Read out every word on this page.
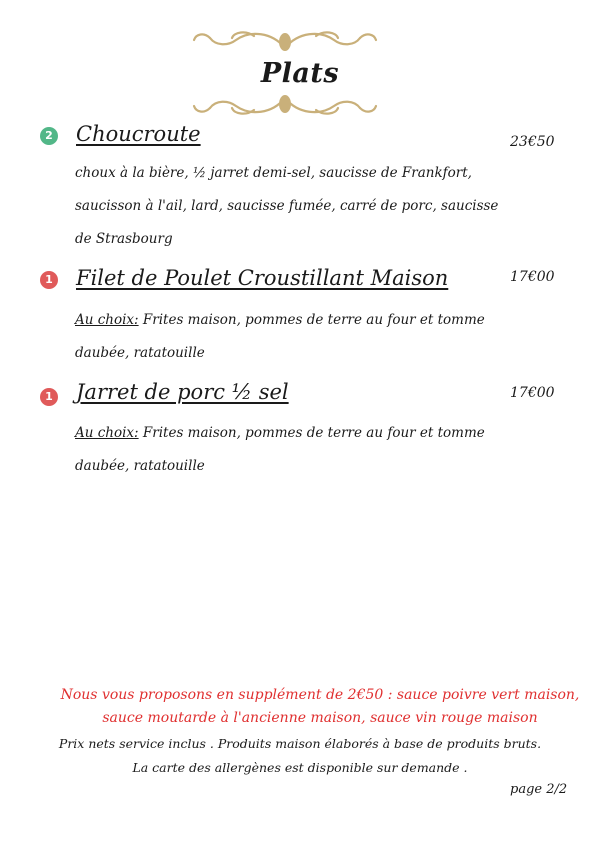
Plats
2 Choucroute	23€50
choux à la bière, ½ jarret demi-sel, saucisse de Frankfort, saucisson à l'ail, lard, saucisse fumée, carré de porc, saucisse de Strasbourg
1 Filet de Poulet Croustillant Maison	17€00
Au choix: Frites maison, pommes de terre au four et tomme daubée, ratatouille
1 Jarret de porc ½ sel	17€00
Au choix: Frites maison, pommes de terre au four et tomme daubée, ratatouille
Nous vous proposons en supplément de 2€50 : sauce poivre vert maison, sauce moutarde à l'ancienne maison, sauce vin rouge maison
Prix nets service inclus . Produits maison élaborés à base de produits bruts.
La carte des allergènes est disponible sur demande .
page 2/2
